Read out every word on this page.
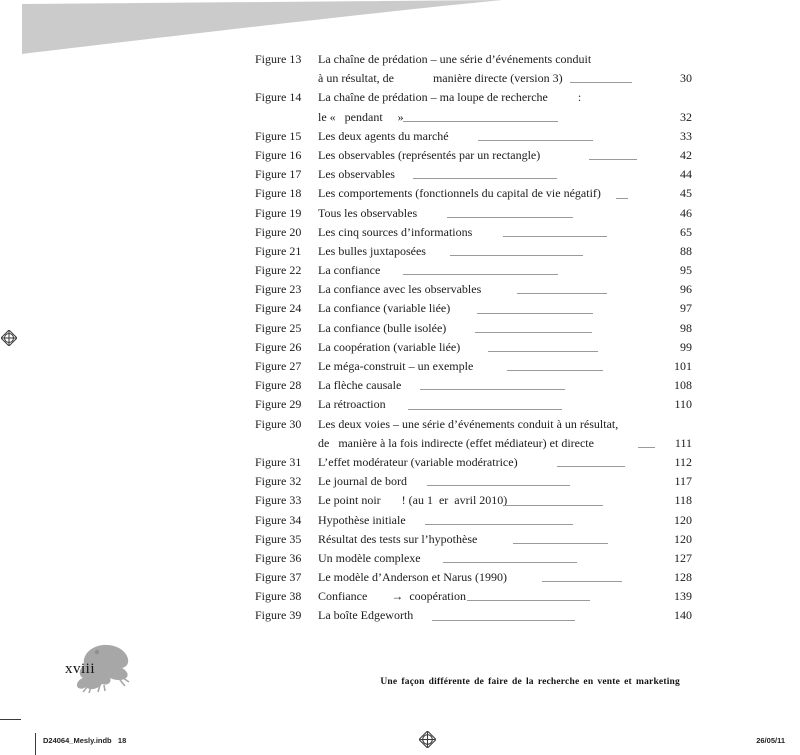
Figure 13 La chaîne de prédation – une série d’événements conduit
à un résultat, de             manière directe (version 3)	30
Figure 14 La chaîne de prédation – ma loupe de recherche          :
le «   pendant     »	32
Figure 15 Les deux agents du marché	33
Figure 16 Les observables (représentés par un rectangle)	42
Figure 17 Les observables	44
Figure 18 Les comportements (fonctionnels du capital de vie négatif)	45
Figure 19 Tous les observables	46
Figure 20 Les cinq sources d’informations	65
Figure 21 Les bulles juxtaposées	88
Figure 22 La confiance	95
Figure 23 La confiance avec les observables	96
Figure 24 La confiance (variable liée)	97
Figure 25 La confiance (bulle isolée)	98
Figure 26 La coopération (variable liée)	99
Figure 27 Le méga-construit – un exemple	101
Figure 28 La flèche causale	108
Figure 29 La rétroaction	110
Figure 30 Les deux voies – une série d’événements conduit à un résultat,
de   manière à la fois indirecte (effet médiateur) et directe	111
Figure 31 L’effet modérateur (variable modératrice)	112
Figure 32 Le journal de bord	117
Figure 33 Le point noir       ! (au 1  er  avril 2010)	118
Figure 34 Hypothèse initiale	120
Figure 35 Résultat des tests sur l’hypothèse	120
Figure 36 Un modèle complexe	127
Figure 37 Le modèle d’Anderson et Narus (1990)	128
Figure 38 Confiance        →  coopération	139
Figure 39 La boîte Edgeworth	140
xviii
Une façon différente de faire de la recherche en vente et marketing
D24064_Mesly.indb   18	26/05/11
